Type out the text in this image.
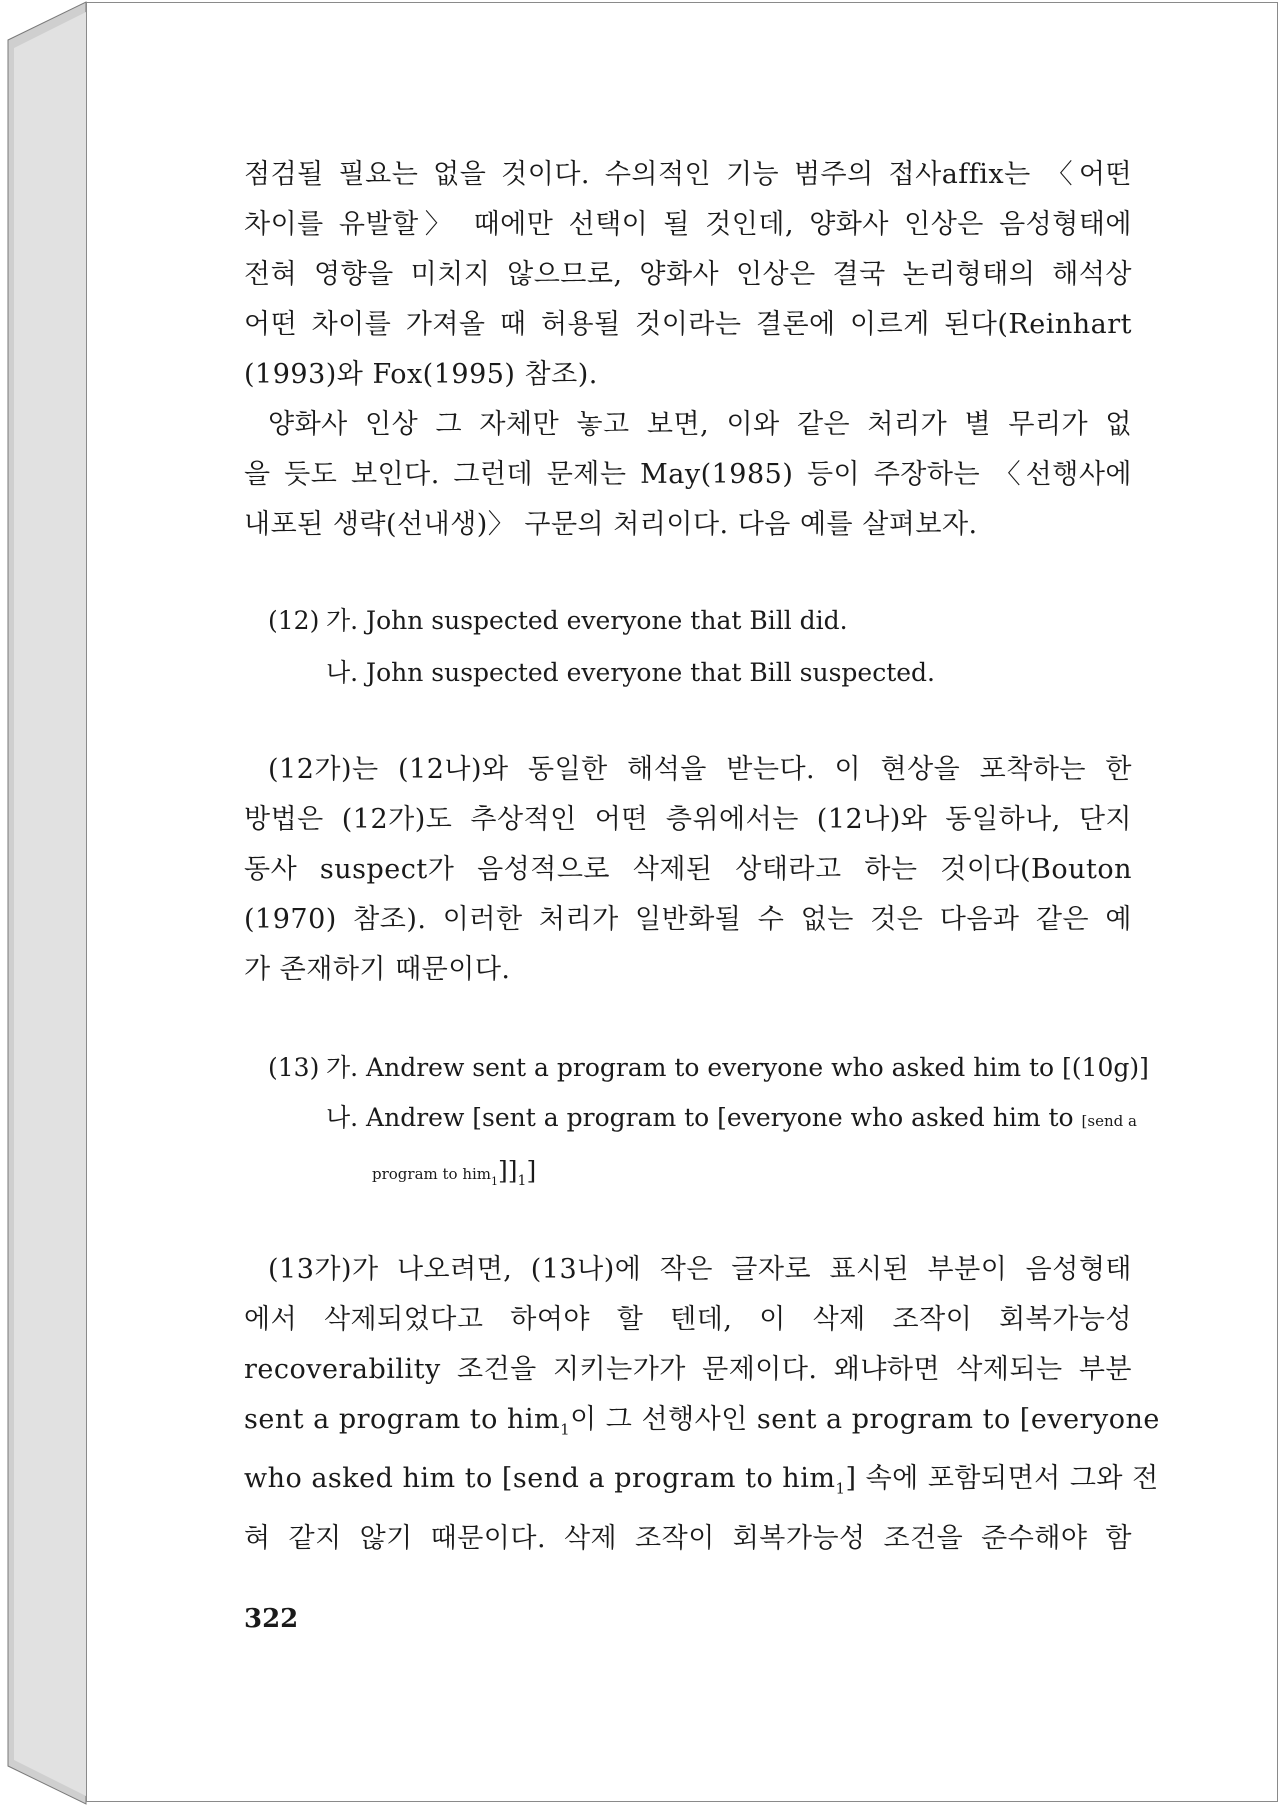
점검될 필요는 없을 것이다. 수의적인 기능 범주의 접사affix는 〈어떤
차이를 유발할〉 때에만 선택이 될 것인데, 양화사 인상은 음성형태에
전혀 영향을 미치지 않으므로, 양화사 인상은 결국 논리형태의 해석상
어떤 차이를 가져올 때 허용될 것이라는 결론에 이르게 된다(Reinhart
(1993)와 Fox(1995) 참조).
양화사 인상 그 자체만 놓고 보면, 이와 같은 처리가 별 무리가 없
을 듯도 보인다. 그런데 문제는 May(1985) 등이 주장하는 〈선행사에
내포된 생략(선내생)〉 구문의 처리이다. 다음 예를 살펴보자.
(12) 가. John suspected everyone that Bill did.
나. John suspected everyone that Bill suspected.
(12가)는 (12나)와 동일한 해석을 받는다. 이 현상을 포착하는 한
방법은 (12가)도 추상적인 어떤 층위에서는 (12나)와 동일하나, 단지
동사 suspect가 음성적으로 삭제된 상태라고 하는 것이다(Bouton
(1970) 참조). 이러한 처리가 일반화될 수 없는 것은 다음과 같은 예
가 존재하기 때문이다.
(13) 가. Andrew sent a program to everyone who asked him to [(10g)]
나. Andrew [sent a program to [everyone who asked him to [send a
program to $him_1]]_1$]
(13가)가 나오려면, (13나)에 작은 글자로 표시된 부분이 음성형태
에서 삭제되었다고 하여야 할 텐데, 이 삭제 조작이 회복가능성
recoverability 조건을 지키는가가 문제이다. 왜냐하면 삭제되는 부분
sent a program to him$_1$이 그 선행사인 sent a program to [everyone
who asked him to [send a program to him$_1$] 속에 포함되면서 그와 전
혀 같지 않기 때문이다. 삭제 조작이 회복가능성 조건을 준수해야 함
322
